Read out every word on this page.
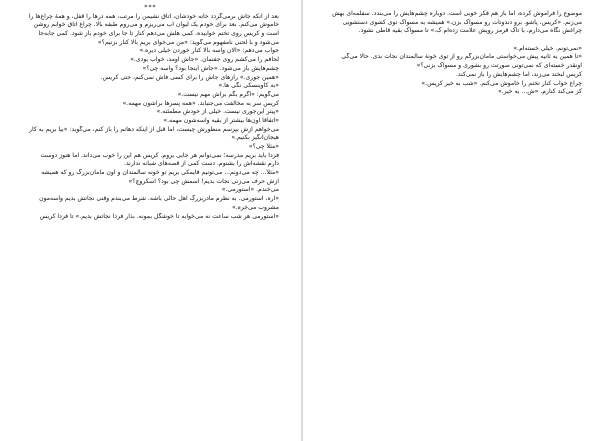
***
بعد از آنکه جاش برمی‌گردد خانه خودشان، اتاق نشیمن را مرتب، همه درها را قفل، و همهٔ چراغ‌ها را
خاموش می‌کنم. بعد برای خودم یک لیوان آب می‌ریزم و می‌روم طبقه بالا. چراغ اتاق خوابم روشن
است و کریس روی تختم خوابیده. کمی هلش می‌دهم کنار تا جا برای خودم باز شود. کمی جابه‌جا
می‌شود و با لحنی نامفهوم می‌گوید: «من می‌خوای بریم بالا کنار بزنیم؟»
جواب می‌دهم: «الان واسه بالا کنار خوردن خیلی دیره.»
لحافم را می‌کشم روی جفتمان. «جاش اومد، خواب بودی.»
چشم‌هایش باز می‌شود. «جاش اینجا بود؟ واسه چی؟»
«همین جوری.» رازهای جاش را برای کسی فاش نمی‌کنم، حتی کریس.
«به کاوینسکی نگی ها.»
می‌گویم: «اگرم بگم براش مهم نیست.»
کریس سر به مخالفت می‌جنباند. «همه پسرها براشون مهمه.»
«پیتر این‌جوری نیست. خیلی از خودش مطمئنه.»
«اتفاقاً اون‌ها بیشتر از بقیه واسه‌شون مهمه.»
می‌خواهم ازش بپرسم منظورش چیست، اما قبل از اینکه دهانم را باز کنم، می‌گوید: «بیا بریم به کار
هیجان‌انگیز بکنیم.»
«مثلاً چی؟»
فردا باید بریم مدرسه؛ نمی‌توانم هر جایی بروم. کریس هم این را خوب می‌داند. اما هنوز دوست
دارم نقشه‌اش را بشنوم. دست کمی از قصه‌های شبانه ندارند.
«مثلاً... چه می‌دونم... می‌تونیم قایمکی بریم تو خونه سالمندان و اون مامان‌بزرگ رو که همیشه
ازش حرف می‌زنی نجات بدیم! اسمش چی بود؟ اسکروچ؟»
می‌خندم. «استورمی.»
«آره، استورمی. به نظرم مادربزرگ اهل حالی باشه. شرط می‌بندم وقتی نجاتش بدیم واسه‌مون
مشروب می‌خره.»
«استورمی هر شب ساعت نه می‌خوابه تا خوشگل بمونه. بذار فردا نجاتش بدیم.» تا فردا کریس
موضوع را فراموش کرده، اما باز هم فکر خوبی است. دوباره چشم‌هایش را می‌بندد. سفلمه‌ای بهش
می‌زنم. «کریس، پاشو. برو دندونات رو مسواک بزن.» همیشه به مسواک توی کشوی دستشویی
چراغش نگاه می‌دارم، با تاک قرمز رویش علامت زده‌ام ک.» تا مسواک بقیه قاطی نشود.
«نمی‌تونم. خیلی خسته‌ام.»
«تا همین یه ثانیه پیش می‌خواستی مامان‌بزرگم رو از توی خونهٔ سالمندان نجات بدی. حالا می‌گی
اونقدر خسته‌ای که نمی‌تونی صورتت رو بشوری و مسواک بزنی؟»
کریس لبخند می‌زند، اما چشم‌هایش را باز نمی‌کند.
چراغ خواب کنار تختم را خاموش می‌کنم. «شب به خیر کریس.»
کز می‌کند کنارم. «ش... به خیر.»
